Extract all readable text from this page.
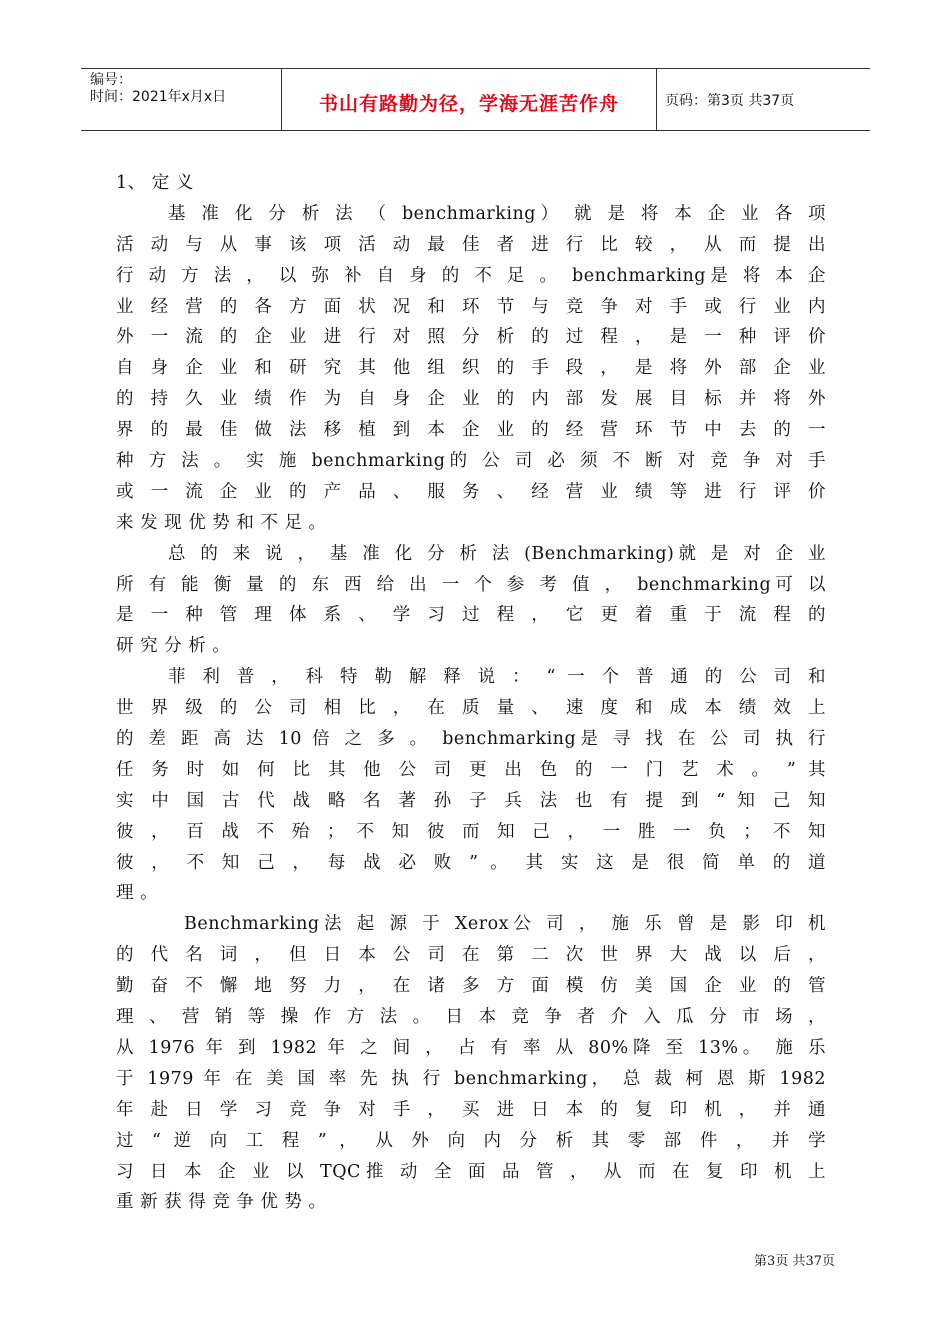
编号：
时间：2021年x月x日	书山有路勤为径，学海无涯苦作舟	页码：第3页 共37页
1、 定 义
基 准 化 分 析 法 （ benchmarking） 就 是 将 本 企 业 各 项
活 动 与 从 事 该 项 活 动 最 佳 者 进 行 比 较 ， 从 而 提 出
行 动 方 法 ， 以 弥 补 自 身 的 不 足 。 benchmarking是 将 本 企
业 经 营 的 各 方 面 状 况 和 环 节 与 竞 争 对 手 或 行 业 内
外 一 流 的 企 业 进 行 对 照 分 析 的 过 程 ， 是 一 种 评 价
自 身 企 业 和 研 究 其 他 组 织 的 手 段 ， 是 将 外 部 企 业
的 持 久 业 绩 作 为 自 身 企 业 的 内 部 发 展 目 标 并 将 外
界 的 最 佳 做 法 移 植 到 本 企 业 的 经 营 环 节 中 去 的 一
种 方 法 。 实 施 benchmarking的 公 司 必 须 不 断 对 竞 争 对 手
或 一 流 企 业 的 产 品 、 服 务 、 经 营 业 绩 等 进 行 评 价
来 发 现 优 势 和 不 足 。
总 的 来 说 ， 基 准 化 分 析 法 (Benchmarking)就 是 对 企 业
所 有 能 衡 量 的 东 西 给 出 一 个 参 考 值 ， benchmarking可 以
是 一 种 管 理 体 系 、 学 习 过 程 ， 它 更 着 重 于 流 程 的
研 究 分 析 。
菲 利 普 ， 科 特 勒 解 释 说 ： “ 一 个 普 通 的 公 司 和
世 界 级 的 公 司 相 比 ， 在 质 量 、 速 度 和 成 本 绩 效 上
的 差 距 高 达 10 倍 之 多 。 benchmarking是 寻 找 在 公 司 执 行
任 务 时 如 何 比 其 他 公 司 更 出 色 的 一 门 艺 术 。 ” 其
实 中 国 古 代 战 略 名 著 孙 子 兵 法 也 有 提 到 “ 知 己 知
彼 ， 百 战 不 殆 ； 不 知 彼 而 知 己 ， 一 胜 一 负 ； 不 知
彼 ， 不 知 己 ， 每 战 必 败 ” 。 其 实 这 是 很 简 单 的 道
理 。
Benchmarking法 起 源 于 Xerox公 司 ， 施 乐 曾 是 影 印 机
的 代 名 词 ， 但 日 本 公 司 在 第 二 次 世 界 大 战 以 后 ，
勤 奋 不 懈 地 努 力 ， 在 诸 多 方 面 模 仿 美 国 企 业 的 管
理 、 营 销 等 操 作 方 法 。 日 本 竞 争 者 介 入 瓜 分 市 场 ，
从 1976 年 到 1982 年 之 间 ， 占 有 率 从 80%降 至 13%。 施 乐
于 1979 年 在 美 国 率 先 执 行 benchmarking， 总 裁 柯 恩 斯 1982
年 赴 日 学 习 竞 争 对 手 ， 买 进 日 本 的 复 印 机 ， 并 通
过 “ 逆 向 工 程 ” ， 从 外 向 内 分 析 其 零 部 件 ， 并 学
习 日 本 企 业 以 TQC推 动 全 面 品 管 ， 从 而 在 复 印 机 上
重 新 获 得 竞 争 优 势 。
第3页 共37页
